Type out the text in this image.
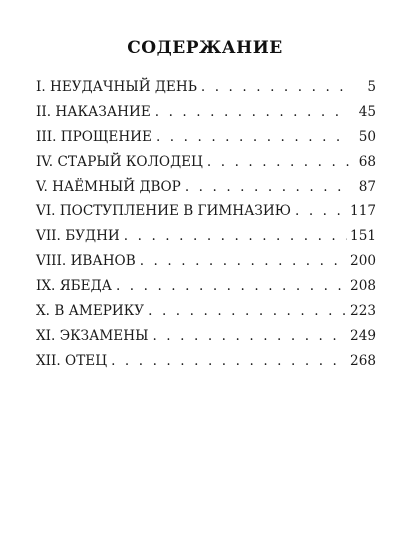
СОДЕРЖАНИЕ
I. НЕУДАЧНЫЙ ДЕНЬ . . .	5
II. НАКАЗАНИЕ . . .	45
III. ПРОЩЕНИЕ . . .	50
IV. СТАРЫЙ КОЛОДЕЦ . . .	68
V. НАЁМНЫЙ ДВОР . . .	87
VI. ПОСТУПЛЕНИЕ В ГИМНАЗИЮ . . .	117
VII. БУДНИ . . .	151
VIII. ИВАНОВ . . .	200
IX. ЯБЕДА . . .	208
X. В АМЕРИКУ . . .	223
XI. ЭКЗАМЕНЫ . . .	249
XII. ОТЕЦ . . .	268
